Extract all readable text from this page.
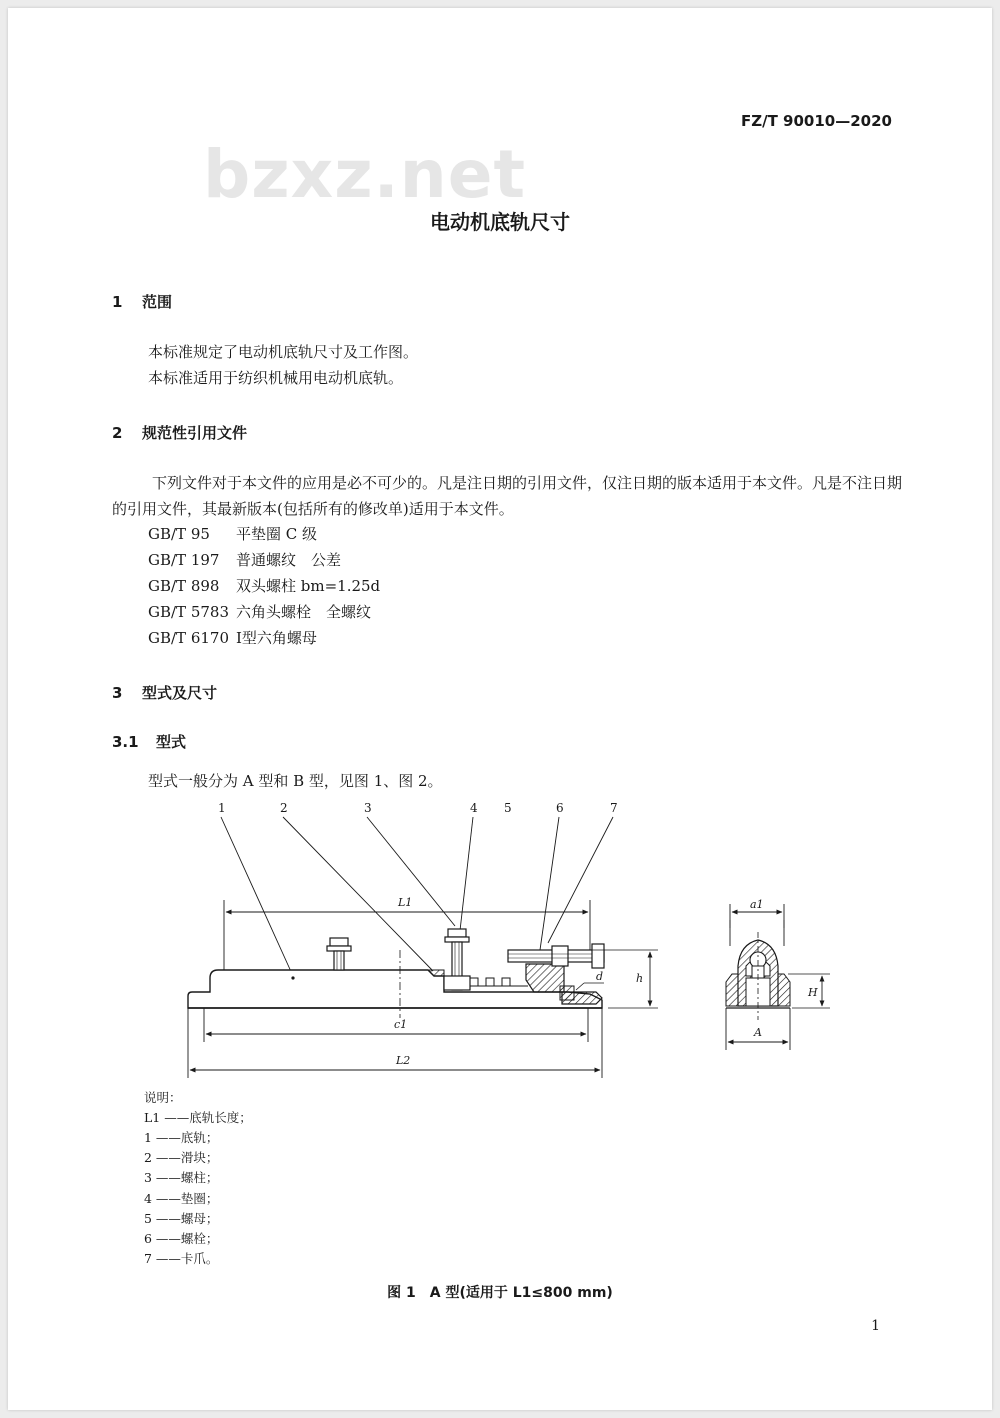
bzxz.net
FZ/T 90010—2020
电动机底轨尺寸
1 范围
本标准规定了电动机底轨尺寸及工作图。
本标准适用于纺织机械用电动机底轨。
2 规范性引用文件
下列文件对于本文件的应用是必不可少的。凡是注日期的引用文件，仅注日期的版本适用于本文件。凡是不注日期的引用文件，其最新版本(包括所有的修改单)适用于本文件。
GB/T 95 平垫圈 C 级
GB/T 197 普通螺纹　公差
GB/T 898 双头螺柱 bm=1.25d
GB/T 5783 六角头螺栓　全螺纹
GB/T 6170 Ⅰ型六角螺母
3 型式及尺寸
3.1 型式
型式一般分为 A 型和 B 型，见图 1、图 2。
1	2	3	4 5	6	7
L1
d	h
c1
L2
a1
H
A
说明：
L1 ——底轨长度；
1 ——底轨；
2 ——滑块；
3 ——螺柱；
4 ——垫圈；
5 ——螺母；
6 ——螺栓；
7 ——卡爪。
图 1　A 型(适用于 L1≤800 mm)
1
